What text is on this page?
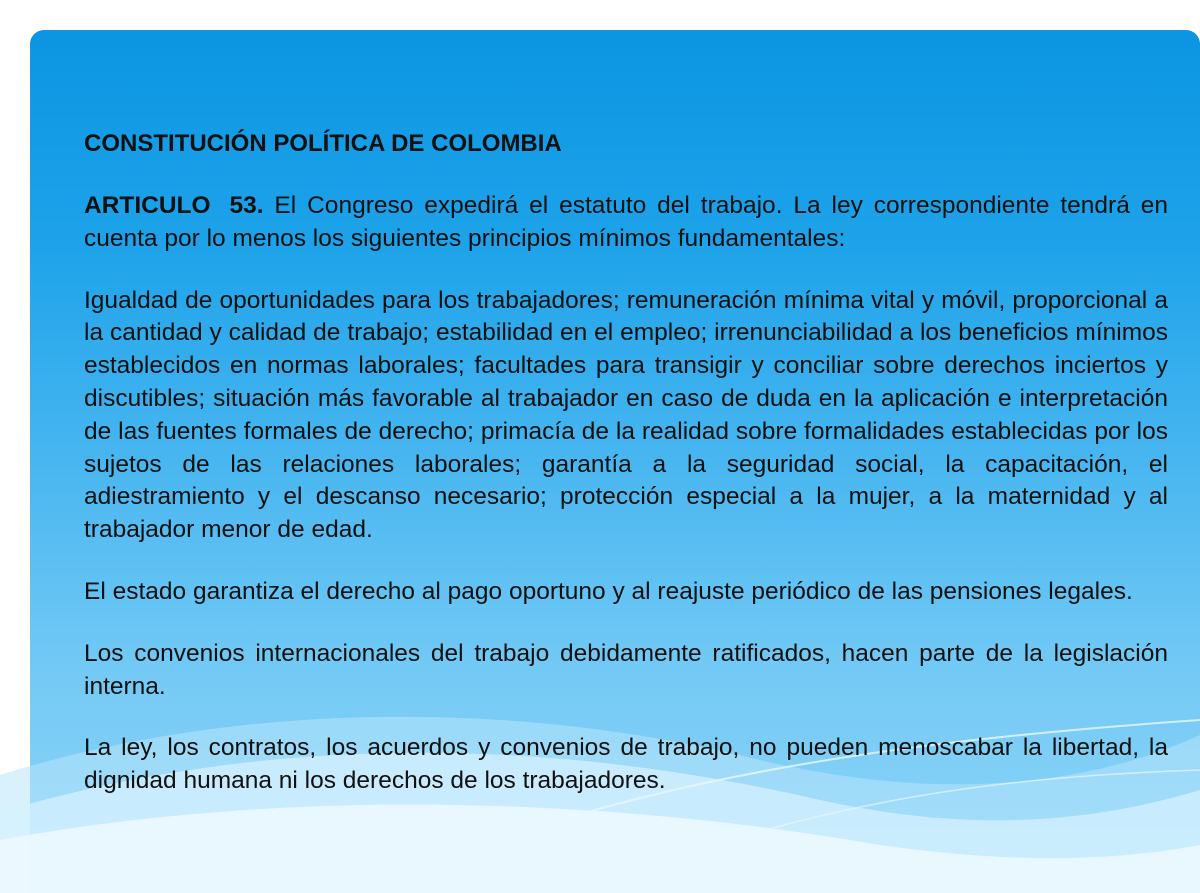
CONSTITUCIÓN POLÍTICA DE COLOMBIA
ARTICULO 53. El Congreso expedirá el estatuto del trabajo. La ley correspondiente tendrá en cuenta por lo menos los siguientes principios mínimos fundamentales:
Igualdad de oportunidades para los trabajadores; remuneración mínima vital y móvil, proporcional a la cantidad y calidad de trabajo; estabilidad en el empleo; irrenunciabilidad a los beneficios mínimos establecidos en normas laborales; facultades para transigir y conciliar sobre derechos inciertos y discutibles; situación más favorable al trabajador en caso de duda en la aplicación e interpretación de las fuentes formales de derecho; primacía de la realidad sobre formalidades establecidas por los sujetos de las relaciones laborales; garantía a la seguridad social, la capacitación, el adiestramiento y el descanso necesario; protección especial a la mujer, a la maternidad y al trabajador menor de edad.
El estado garantiza el derecho al pago oportuno y al reajuste periódico de las pensiones legales.
Los convenios internacionales del trabajo debidamente ratificados, hacen parte de la legislación interna.
La ley, los contratos, los acuerdos y convenios de trabajo, no pueden menoscabar la libertad, la dignidad humana ni los derechos de los trabajadores.
